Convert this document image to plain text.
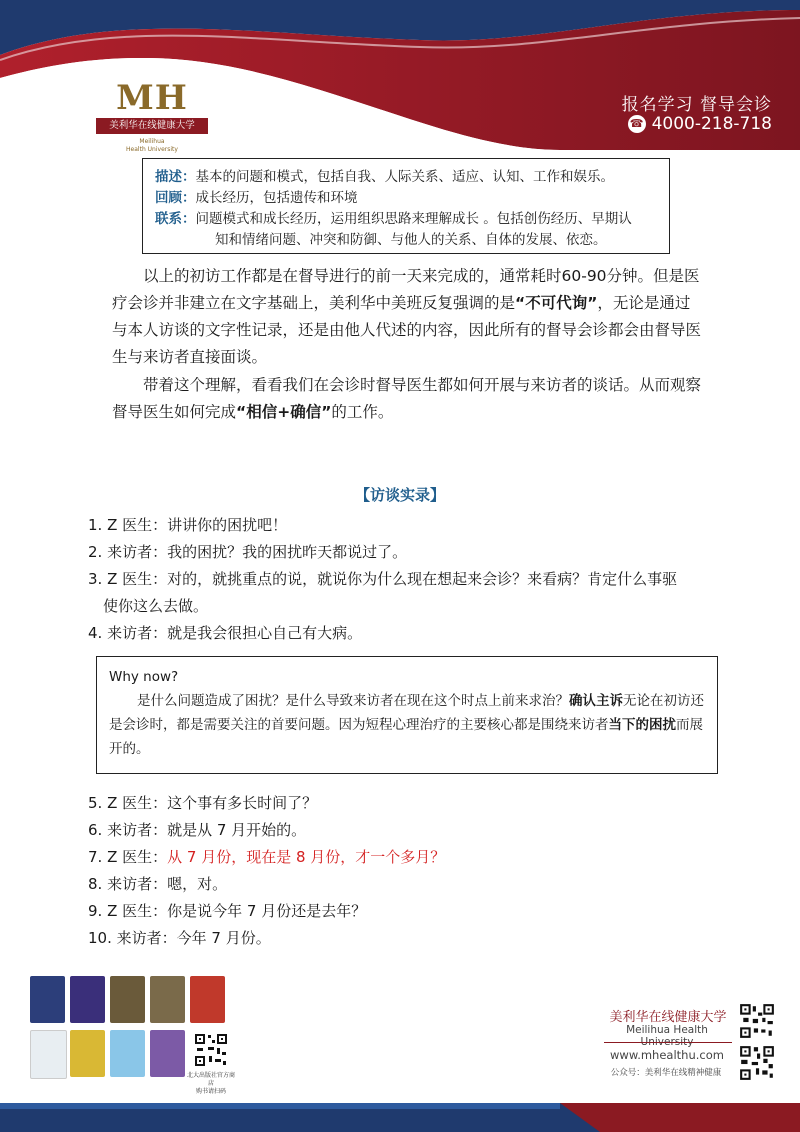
MH
美利华在线健康大学
Meilihua
Health University
报名学习 督导会诊
☎ 4000-218-718
描述：基本的问题和模式，包括自我、人际关系、适应、认知、工作和娱乐。
回顾：成长经历，包括遗传和环境
联系：问题模式和成长经历，运用组织思路来理解成长 。包括创伤经历、早期认
知和情绪问题、冲突和防御、与他人的关系、自体的发展、依恋。

以上的初访工作都是在督导进行的前一天来完成的，通常耗时60-90分钟。但是医疗会诊并非建立在文字基础上，美利华中美班反复强调的是“不可代询”，无论是通过与本人访谈的文字性记录，还是由他人代述的内容，因此所有的督导会诊都会由督导医生与来访者直接面谈。

带着这个理解，看看我们在会诊时督导医生都如何开展与来访者的谈话。从而观察督导医生如何完成“相信+确信”的工作。

【访谈实录】
1. Z 医生：讲讲你的困扰吧！
2. 来访者：我的困扰？我的困扰昨天都说过了。
3. Z 医生：对的，就挑重点的说，就说你为什么现在想起来会诊？来看病？肯定什么事驱
使你这么去做。
4. 来访者：就是我会很担心自己有大病。
Why now?
是什么问题造成了困扰？是什么导致来访者在现在这个时点上前来求治？确认主诉无论在初访还是会诊时，都是需要关注的首要问题。因为短程心理治疗的主要核心都是围绕来访者当下的困扰而展开的。
5. Z 医生：这个事有多长时间了？
6. 来访者：就是从 7 月开始的。
7. Z 医生：从 7 月份，现在是 8 月份，才一个多月？
8. 来访者：嗯，对。
9. Z 医生：你是说今年 7 月份还是去年？
10. 来访者：今年 7 月份。
北大出版社官方商店
购书请扫码
美利华在线健康大学
Meilihua Health University
www.mhealthu.com
公众号：美利华在线精神健康
